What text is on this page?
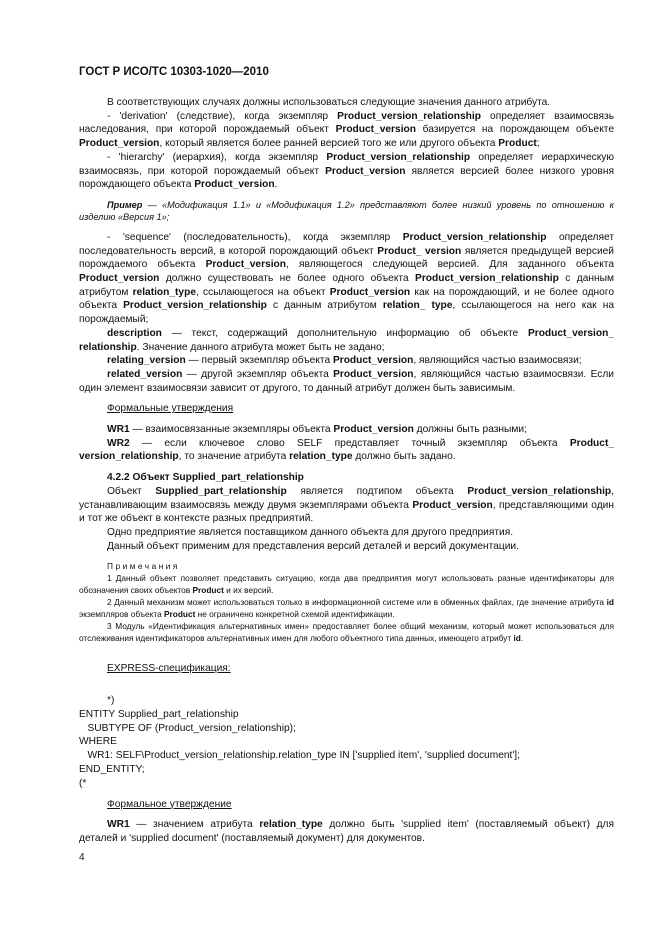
ГОСТ Р ИСО/ТС 10303-1020—2010

В соответствующих случаях должны использоваться следующие значения данного атрибута.

- 'derivation' (следствие), когда экземпляр Product_version_relationship определяет взаимосвязь наследования, при которой порождаемый объект Product_version базируется на порождающем объекте Product_version, который является более ранней версией того же или другого объекта Product;

- 'hierarchy' (иерархия), когда экземпляр Product_version_relationship определяет иерархическую взаимосвязь, при которой порождаемый объект Product_version является версией более низкого уровня порождающего объекта Product_version.

Пример — «Модификация 1.1» и «Модификация 1.2» представляют более низкий уровень по отношению к изделию «Версия 1»;

- 'sequence' (последовательность), когда экземпляр Product_version_relationship определяет последовательность версий, в которой порождающий объект Product_ version является предыдущей версией порождаемого объекта Product_version, являющегося следующей версией. Для заданного объекта Product_version должно существовать не более одного объекта Product_version_relationship с данным атрибутом relation_type, ссылающегося на объект Product_version как на порождающий, и не более одного объекта Product_version_relationship с данным атрибутом relation_ type, ссылающегося на него как на порождаемый;

description — текст, содержащий дополнительную информацию об объекте Product_version_ relationship. Значение данного атрибута может быть не задано;

relating_version — первый экземпляр объекта Product_version, являющийся частью взаимосвязи;

related_version — другой экземпляр объекта Product_version, являющийся частью взаимосвязи. Если один элемент взаимосвязи зависит от другого, то данный атрибут должен быть зависимым.

Формальные утверждения

WR1 — взаимосвязанные экземпляры объекта Product_version должны быть разными;

WR2 — если ключевое слово SELF представляет точный экземпляр объекта Product_ version_relationship, то значение атрибута relation_type должно быть задано.

4.2.2 Объект Supplied_part_relationship

Объект Supplied_part_relationship является подтипом объекта Product_version_relationship, устанавливающим взаимосвязь между двумя экземплярами объекта Product_version, представляющими один и тот же объект в контексте разных предприятий.

Одно предприятие является поставщиком данного объекта для другого предприятия.

Данный объект применим для представления версий деталей и версий документации.

Примечания

1 Данный объект позволяет представить ситуацию, когда два предприятия могут использовать разные идентификаторы для обозначения своих объектов Product и их версий.

2 Данный механизм может использоваться только в информационной системе или в обменных файлах, где значение атрибута id экземпляров объекта Product не ограничено конкретной схемой идентификации.

3 Модуль «Идентификация альтернативных имен» предоставляет более общий механизм, который может использоваться для отслеживания идентификаторов альтернативных имен для любого объектного типа данных, имеющего атрибут id.

EXPRESS-спецификация:

*)

ENTITY Supplied_part_relationship

SUBTYPE OF (Product_version_relationship);

WHERE

WR1: SELF\Product_version_relationship.relation_type IN ['supplied item', 'supplied document'];

END_ENTITY;

(*

Формальное утверждение

WR1 — значением атрибута relation_type должно быть 'supplied item' (поставляемый объект) для деталей и 'supplied document' (поставляемый документ) для документов.

4
